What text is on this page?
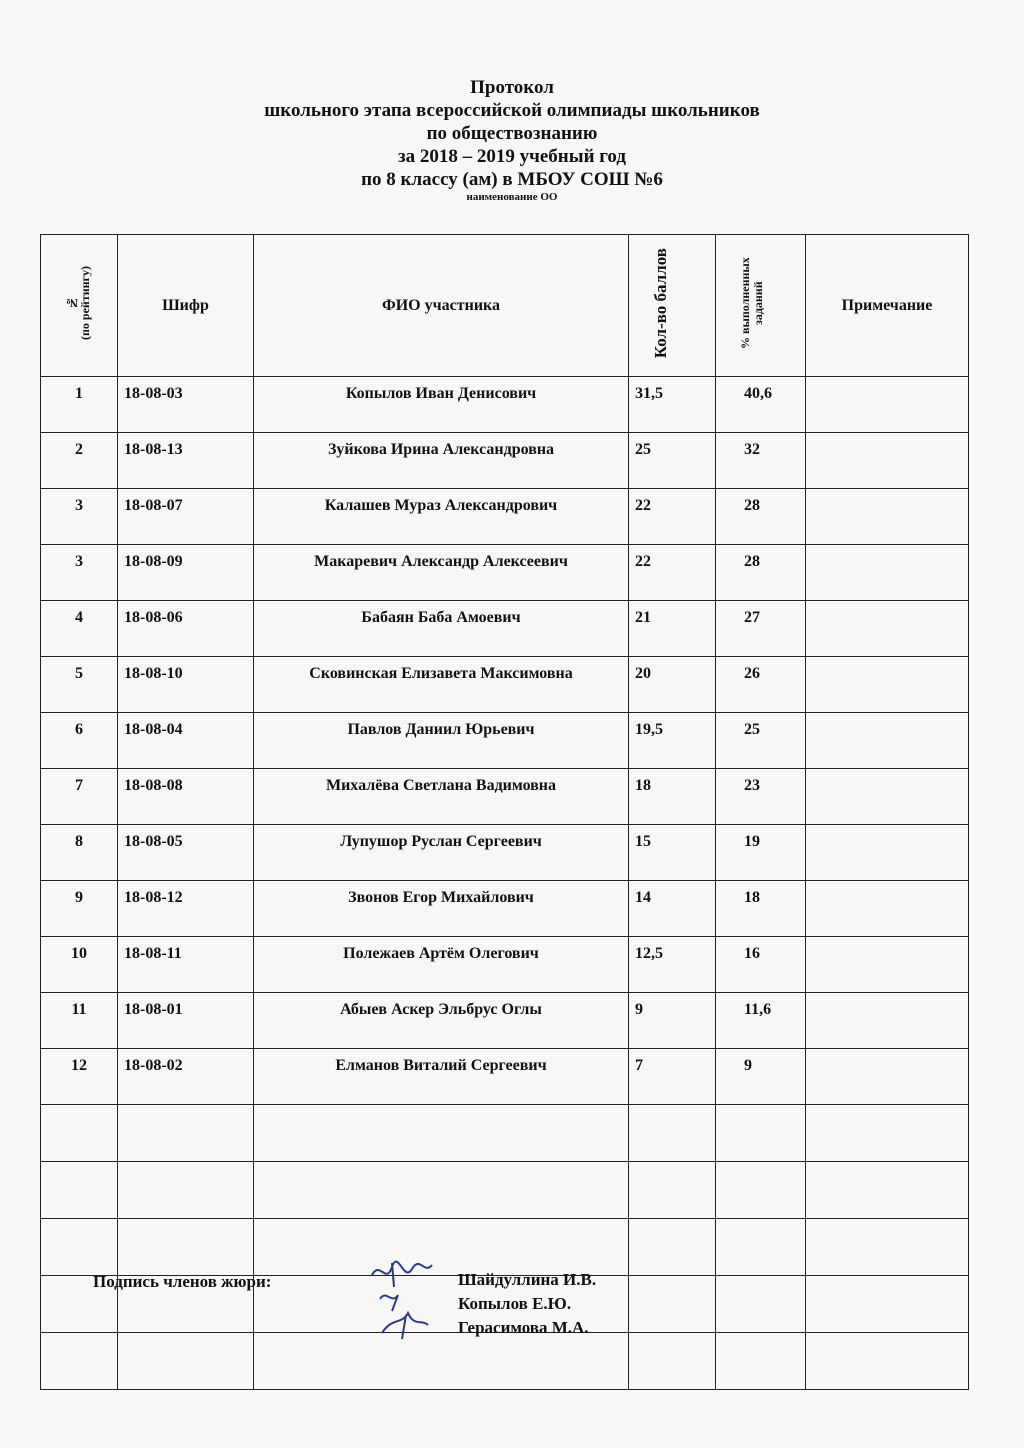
Протокол
школьного этапа всероссийской олимпиады школьников
по обществознанию
за 2018 – 2019 учебный год
по 8 классу (ам) в МБОУ СОШ №6
наименование ОО
№
(по рейтингу)	Шифр	ФИО участника	Кол-во баллов	% выполненных заданий	Примечание
1	18-08-03	Копылов Иван Денисович	31,5	40,6	
2	18-08-13	Зуйкова Ирина Александровна	25	32	
3	18-08-07	Калашев Мураз Александрович	22	28	
3	18-08-09	Макаревич Александр Алексеевич	22	28	
4	18-08-06	Бабаян Баба Амоевич	21	27	
5	18-08-10	Сковинская Елизавета Максимовна	20	26	
6	18-08-04	Павлов Даниил Юрьевич	19,5	25	
7	18-08-08	Михалёва Светлана Вадимовна	18	23	
8	18-08-05	Лупушор Руслан Сергеевич	15	19	
9	18-08-12	Звонов Егор Михайлович	14	18	
10	18-08-11	Полежаев Артём Олегович	12,5	16	
11	18-08-01	Абыев Аскер Эльбрус Оглы	9	11,6	
12	18-08-02	Елманов Виталий Сергеевич	7	9	

Подпись членов жюри:	Шайдуллина И.В.
Копылов Е.Ю.
Герасимова М.А.
